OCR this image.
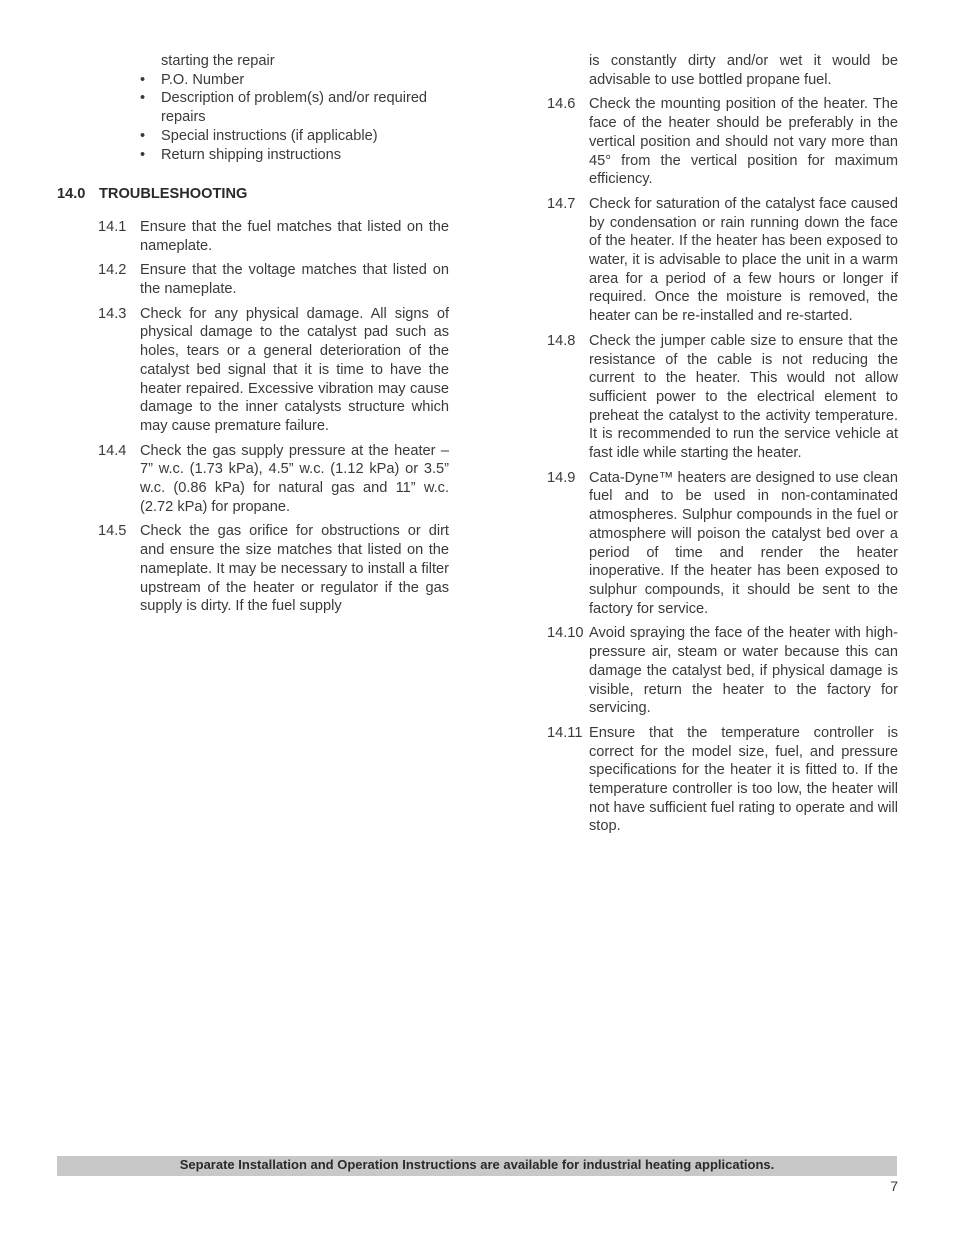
starting the repair
• P.O. Number
• Description of problem(s) and/or required repairs
• Special instructions (if applicable)
• Return shipping instructions
14.0 TROUBLESHOOTING
14.1 Ensure that the fuel matches that listed on the nameplate.
14.2 Ensure that the voltage matches that listed on the nameplate.
14.3 Check for any physical damage. All signs of physical damage to the catalyst pad such as holes, tears or a general deterioration of the catalyst bed signal that it is time to have the heater repaired. Excessive vibration may cause damage to the inner catalysts structure which may cause premature failure.
14.4 Check the gas supply pressure at the heater – 7” w.c. (1.73 kPa), 4.5” w.c. (1.12 kPa) or 3.5” w.c. (0.86 kPa) for natural gas and 11” w.c. (2.72 kPa) for propane.
14.5 Check the gas orifice for obstructions or dirt and ensure the size matches that listed on the nameplate. It may be necessary to install a filter upstream of the heater or regulator if the gas supply is dirty. If the fuel supply
is constantly dirty and/or wet it would be advisable to use bottled propane fuel.
14.6 Check the mounting position of the heater. The face of the heater should be preferably in the vertical position and should not vary more than 45° from the vertical position for maximum efficiency.
14.7 Check for saturation of the catalyst face caused by condensation or rain running down the face of the heater. If the heater has been exposed to water, it is advisable to place the unit in a warm area for a period of a few hours or longer if required. Once the moisture is removed, the heater can be re-installed and re-started.
14.8 Check the jumper cable size to ensure that the resistance of the cable is not reducing the current to the heater. This would not allow sufficient power to the electrical element to preheat the catalyst to the activity temperature. It is recommended to run the service vehicle at fast idle while starting the heater.
14.9 Cata-Dyne™ heaters are designed to use clean fuel and to be used in non-contaminated atmospheres. Sulphur compounds in the fuel or atmosphere will poison the catalyst bed over a period of time and render the heater inoperative. If the heater has been exposed to sulphur compounds, it should be sent to the factory for service.
14.10 Avoid spraying the face of the heater with high-pressure air, steam or water because this can damage the catalyst bed, if physical damage is visible, return the heater to the factory for servicing.
14.11 Ensure that the temperature controller is correct for the model size, fuel, and pressure specifications for the heater it is fitted to. If the temperature controller is too low, the heater will not have sufficient fuel rating to operate and will stop.
Separate Installation and Operation Instructions are available for industrial heating applications.
7
